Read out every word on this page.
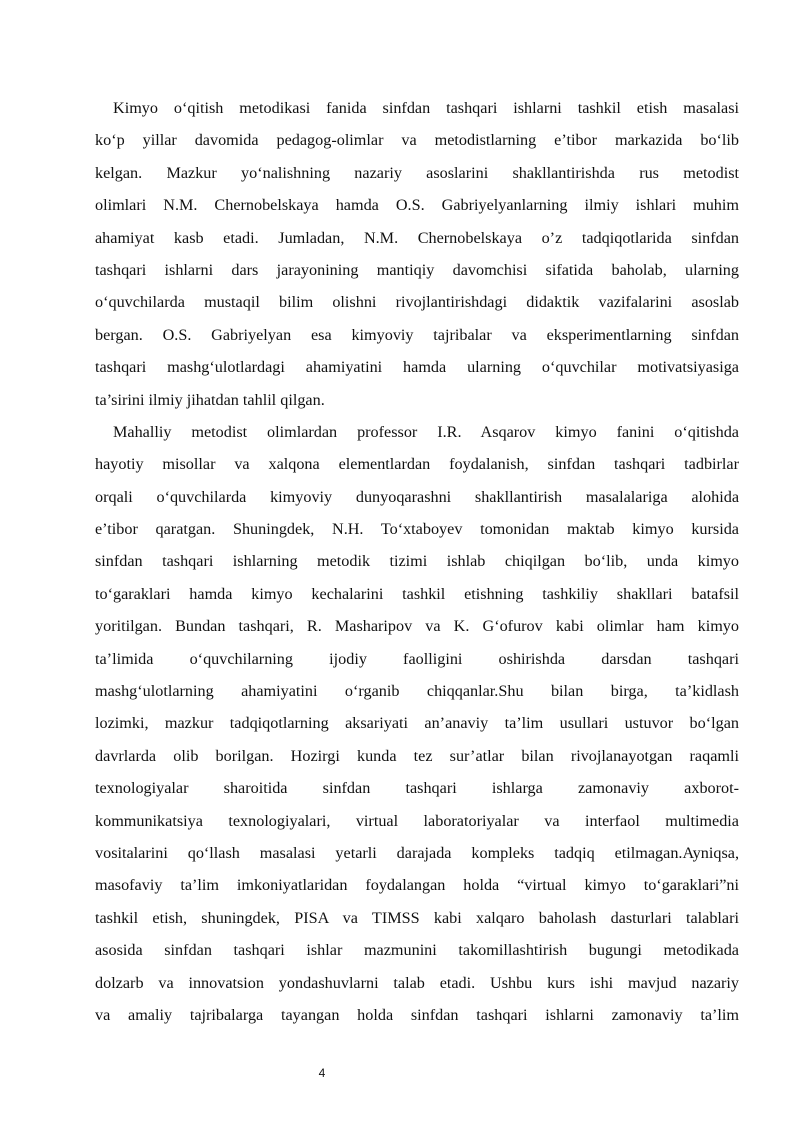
Kimyo o‘qitish metodikasi fanida sinfdan tashqari ishlarni tashkil etish masalasi
ko‘p yillar davomida pedagog-olimlar va metodistlarning e’tibor markazida bo‘lib
kelgan. Mazkur yo‘nalishning nazariy asoslarini shakllantirishda rus metodist
olimlari N.M. Chernobelskaya hamda O.S. Gabriyelyanlarning ilmiy ishlari muhim
ahamiyat kasb etadi. Jumladan, N.M. Chernobelskaya o’z tadqiqotlarida sinfdan
tashqari ishlarni dars jarayonining mantiqiy davomchisi sifatida baholab, ularning
o‘quvchilarda mustaqil bilim olishni rivojlantirishdagi didaktik vazifalarini asoslab
bergan. O.S. Gabriyelyan esa kimyoviy tajribalar va eksperimentlarning sinfdan
tashqari mashg‘ulotlardagi ahamiyatini hamda ularning o‘quvchilar motivatsiyasiga
ta’sirini ilmiy jihatdan tahlil qilgan.
Mahalliy metodist olimlardan professor I.R. Asqarov kimyo fanini o‘qitishda
hayotiy misollar va xalqona elementlardan foydalanish, sinfdan tashqari tadbirlar
orqali o‘quvchilarda kimyoviy dunyoqarashni shakllantirish masalalariga alohida
e’tibor qaratgan. Shuningdek, N.H. To‘xtaboyev tomonidan maktab kimyo kursida
sinfdan tashqari ishlarning metodik tizimi ishlab chiqilgan bo‘lib, unda kimyo
to‘garaklari hamda kimyo kechalarini tashkil etishning tashkiliy shakllari batafsil
yoritilgan. Bundan tashqari, R. Masharipov va K. G‘ofurov kabi olimlar ham kimyo
ta’limida o‘quvchilarning ijodiy faolligini oshirishda darsdan tashqari
mashg‘ulotlarning ahamiyatini o‘rganib chiqqanlar.Shu bilan birga, ta’kidlash
lozimki, mazkur tadqiqotlarning aksariyati an’anaviy ta’lim usullari ustuvor bo‘lgan
davrlarda olib borilgan. Hozirgi kunda tez sur’atlar bilan rivojlanayotgan raqamli
texnologiyalar sharoitida sinfdan tashqari ishlarga zamonaviy axborot-
kommunikatsiya texnologiyalari, virtual laboratoriyalar va interfaol multimedia
vositalarini qo‘llash masalasi yetarli darajada kompleks tadqiq etilmagan.Ayniqsa,
masofaviy ta’lim imkoniyatlaridan foydalangan holda “virtual kimyo to‘garaklari”ni
tashkil etish, shuningdek, PISA va TIMSS kabi xalqaro baholash dasturlari talablari
asosida sinfdan tashqari ishlar mazmunini takomillashtirish bugungi metodikada
dolzarb va innovatsion yondashuvlarni talab etadi. Ushbu kurs ishi mavjud nazariy
va amaliy tajribalarga tayangan holda sinfdan tashqari ishlarni zamonaviy ta’lim
4
